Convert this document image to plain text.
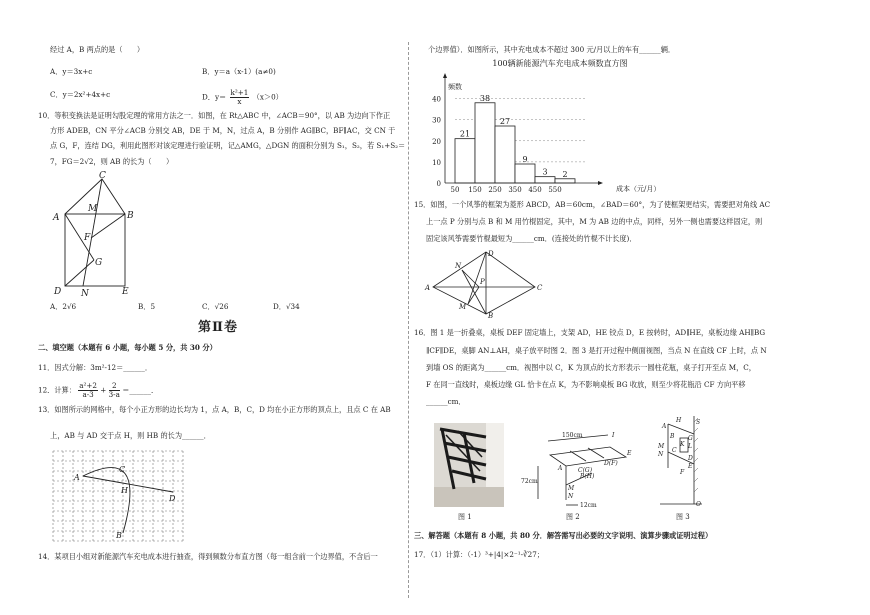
经过 A，B 两点的是（　　）
A．y＝3x+c	B．y＝a（x-1）(a≠0)
C．y＝2x²+4x+c	D．$y= \frac{\text{k²+1}}{x} (x>0)$
10．等积变换法是证明勾股定理的常用方法之一．如图，在 Rt△ABC 中，∠ACB＝90°，以 AB 为边向下作正
方形 ADEB，CN 平分∠ACB 分别交 AB，DE 于 M，N，过点 A，B 分别作 AG∥BC，BF∥AC，交 CN 于
点 G，F，连结 DG，利用此图形对该定理进行验证明，记△AMG，△DGN 的面积分别为 S₁，S₂，若 S₁+S₂＝
7，FG＝2√2，则 AB 的长为（　　）
C
A
M
B
F
G
D N	E
A．2√6	B．5	C．√26	D．√34
第Ⅱ卷
二、填空题（本题有 6 小题，每小题 5 分，共 30 分）
11．因式分解：3m²-12＝______．
12．计算： $\frac{\text{a²+2}}{a-3} + \frac{2}{3-a}$ ＝______．
13．如图所示的网格中，每个小正方形的边长均为 1，点 A，B，C，D 均在小正方形的顶点上，且点 C 在 AB
上，AB 与 AD 交于点 H，则 HB 的长为______．
A
C
H
D
B
14．某项目小组对新能源汽车充电成本进行抽查，得到频数分布直方图（每一组含前一个边界值，不含后一
个边界值）．如图所示，其中充电成本不超过 300 元/月以上的车有______辆．
100辆新能源汽车充电成本频数直方图
频数
21
38
27
9
3 2
0
10
20
30
40
50 150 250 350 450 550	成本（元/月）
15．如图，一个风筝的框架为菱形 ABCD，AB＝60cm，∠BAD＝60°，为了使框架更结实，需要把对角线 AC
上一点 P 分别与点 B 和 M 用竹棍固定，其中，M 为 AB 边的中点，同样，另外一侧也需要这样固定，则
固定该风筝需要竹棍最短为______cm．(连接处的竹棍不计长度)．
A
N
D
P
B
M
C
16．图 1 是一折叠桌，桌板 DEF 固定墙上，支架 AD，HE 铰点 D，E 按转时，AD∥HE，桌板边缘 AH∥BG
∥CF∥DE，桌脚 AN⊥AH，桌子放平时图 2．图 3 是打开过程中侧面视图，当点 N 在直线 CF 上时，点 N
到墙 OS 的距离为______cm．视图中以 C，K 为顶点的长方形表示一圆柱花瓶，桌子打开至点 M，C，
F 在同一直线时，桌板边缘 GL 恰卡在点 K，为不影响桌板 BG 收放，则至少将花瓶沿 CF 方向平移
______cm．
150cm	I
E
C(G)
D(F)
A
B(H)
72cm
N
M
12cm
H S
B G
L
K
C
M
N
A
D
E
F
O
图 1	图 2	图 3
三、解答题（本题有 8 小题，共 80 分．解答需写出必要的文字说明、演算步骤或证明过程）
17．（1）计算：（-1）³+|4|×2⁻¹-∛27；
